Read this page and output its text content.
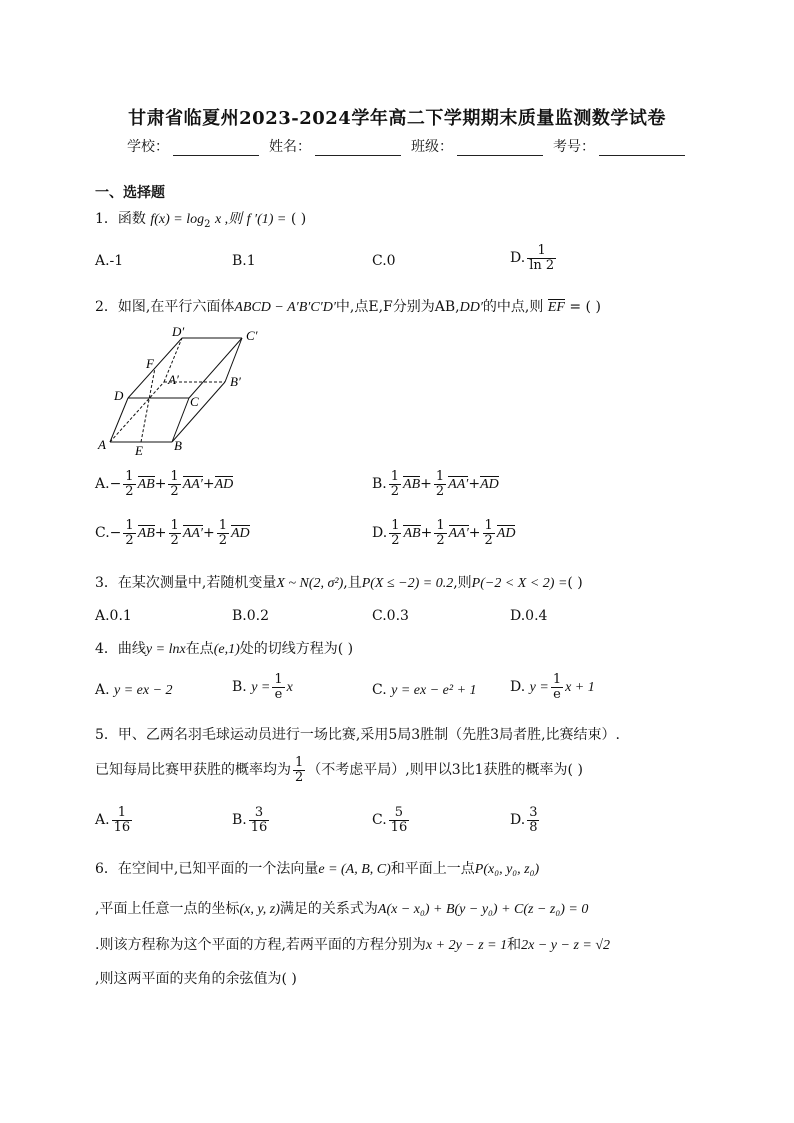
甘肃省临夏州2023-2024学年高二下学期期末质量监测数学试卷
学校：	姓名：	班级：	考号：
一、选择题
1．函数 $f(x) = \log_2 x$ ,则 f ′(1) = ( )
A.-1	B.1	C.0	D. $\frac{1}{\ln 2}$
2．如图,在平行六面体ABCD − A′B′C′D′中,点E,F分别为AB,DD′的中点,则 EF = ( )
A	B
C
D
A′	B′
C′
D′
E
F
$A.- \frac{1}{2} AB+ \frac{1}{2} AA'+AD$	B. $\frac{1}{2} AB+ \frac{1}{2} AA'+AD$
$C.- \frac{1}{2} AB+ \frac{1}{2} AA'+ \frac{1}{2}$ AD	D. $\frac{1}{2} AB+ \frac{1}{2} AA'+ \frac{1}{2}$ AD
3．在某次测量中,若随机变量X ~ N(2, σ²),且P(X ≤ −2) = 0.2,则P(−2 < X < 2) =( )
A.0.1	B.0.2	C.0.3	D.0.4
4．曲线y = lnx在点(e,1)处的切线方程为( )
A. y = ex − 2	B. $y = \frac{1}{e}$ x	C. y = ex − e² + 1 D. $y = \frac{1}{e}$ x + 1
5．甲、乙两名羽毛球运动员进行一场比赛,采用5局3胜制（先胜3局者胜,比赛结束）.
已知每局比赛甲获胜的概率均为 $\frac{1}{2}$ （不考虑平局）,则甲以3比1获胜的概率为( )
A. $\frac{1}{16}$	B. $\frac{3}{16}$	C. $\frac{5}{16}$	D. $\frac{3}{8}$
6．在空间中,已知平面的一个法向量e = (A, B, C)和平面上一点P(x₀, y₀, z₀)
,平面上任意一点的坐标(x, y, z)满足的关系式为A(x − x₀) + B(y − y₀) + C(z − z₀) = 0
.则该方程称为这个平面的方程,若两平面的方程分别为x + 2y − z = 1和2x − y − z = √2
,则这两平面的夹角的余弦值为( )
